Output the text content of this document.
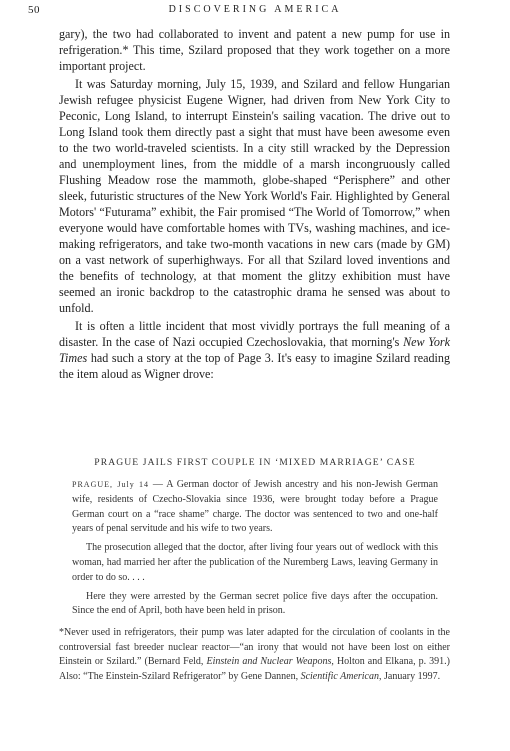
50	DISCOVERING AMERICA

gary), the two had collaborated to invent and patent a new pump for use in refrigeration.* This time, Szilard proposed that they work together on a more important project.

It was Saturday morning, July 15, 1939, and Szilard and fellow Hungarian Jewish refugee physicist Eugene Wigner, had driven from New York City to Peconic, Long Island, to interrupt Einstein's sailing vacation. The drive out to Long Island took them directly past a sight that must have been awesome even to the two world-traveled scientists. In a city still wracked by the Depression and unemployment lines, from the middle of a marsh incongruously called Flushing Meadow rose the mammoth, globe-shaped “Perisphere” and other sleek, futuristic structures of the New York World's Fair. Highlighted by General Motors' “Futurama” exhibit, the Fair promised “The World of Tomorrow,” when everyone would have comfortable homes with TVs, washing machines, and ice-making refrigerators, and take two-month vacations in new cars (made by GM) on a vast network of superhighways. For all that Szilard loved inventions and the benefits of technology, at that moment the glitzy exhibition must have seemed an ironic backdrop to the catastrophic drama he sensed was about to unfold.

It is often a little incident that most vividly portrays the full meaning of a disaster. In the case of Nazi occupied Czechoslovakia, that morning's New York Times had such a story at the top of Page 3. It's easy to imagine Szilard reading the item aloud as Wigner drove:

PRAGUE JAILS FIRST COUPLE IN ‘MIXED MARRIAGE’ CASE

PRAGUE, July 14 — A German doctor of Jewish ancestry and his non-Jewish German wife, residents of Czecho-Slovakia since 1936, were brought today before a Prague German court on a “race shame” charge. The doctor was sentenced to two and one-half years of penal servitude and his wife to two years.

The prosecution alleged that the doctor, after living four years out of wedlock with this woman, had married her after the publication of the Nuremberg Laws, leaving Germany in order to do so. . . .

Here they were arrested by the German secret police five days after the occupation. Since the end of April, both have been held in prison.

*Never used in refrigerators, their pump was later adapted for the circulation of coolants in the controversial fast breeder nuclear reactor—“an irony that would not have been lost on either Einstein or Szilard.” (Bernard Feld, Einstein and Nuclear Weapons, Holton and Elkana, p. 391.) Also: “The Einstein-Szilard Refrigerator” by Gene Dannen, Scientific American, January 1997.
